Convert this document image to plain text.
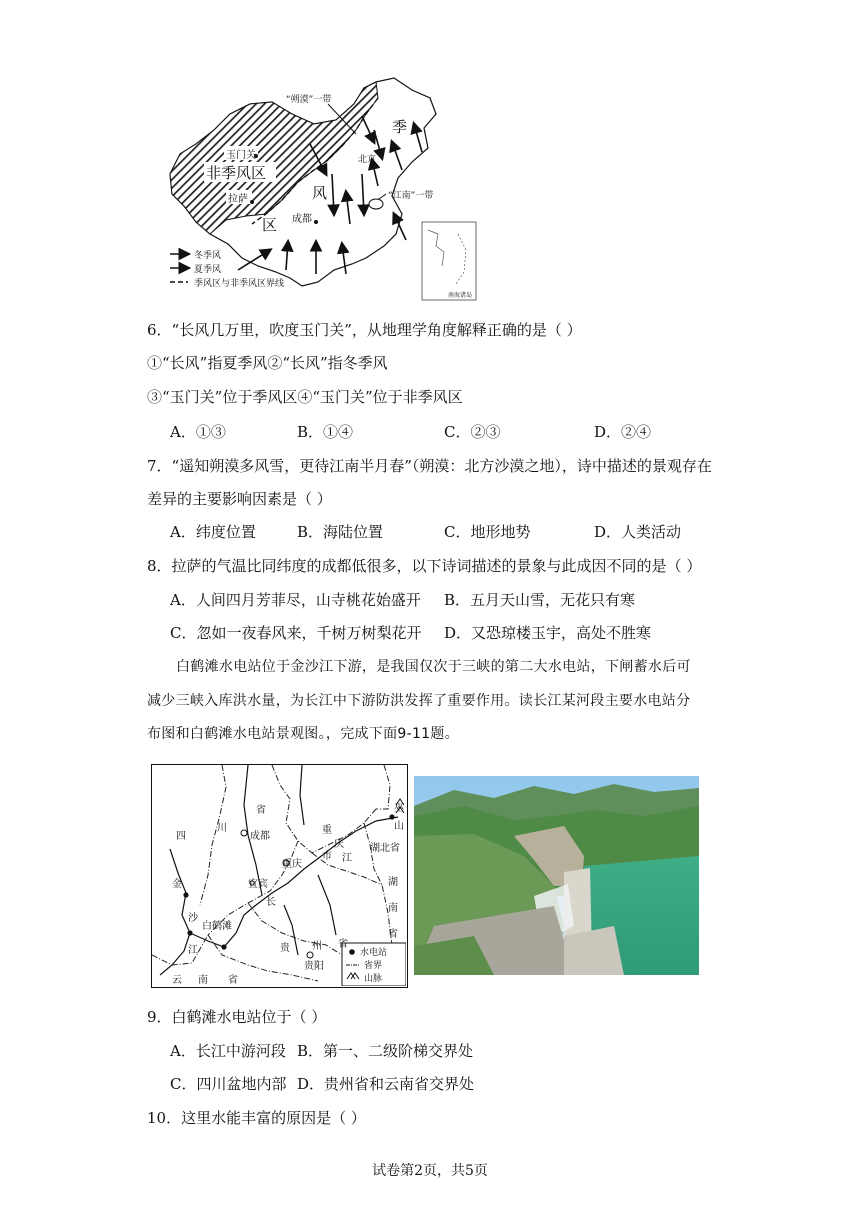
玉门关
非季风区
拉萨
“朔漠”一带
北京
“江南”一带
成都
季
风
区
南海诸岛
冬季风
夏季风
季风区与非季风区界线
6．“长风几万里，吹度玉门关”，从地理学角度解释正确的是（ ）
①“长风”指夏季风②“长风”指冬季风
③“玉门关”位于季风区④“玉门关”位于非季风区
A．①③	B．①④	C．②③	D．②④
7．“遥知朔漠多风雪，更待江南半月春”（朔漠：北方沙漠之地），诗中描述的景观存在
差异的主要影响因素是（ ）
A．纬度位置	B．海陆位置	C．地形地势	D．人类活动
8．拉萨的气温比同纬度的成都低很多，以下诗词描述的景象与此成因不同的是（ ）
A．人间四月芳菲尽，山寺桃花始盛开 B．五月天山雪，无花只有寒
C．忽如一夜春风来，千树万树梨花开 D．又恐琼楼玉宇，高处不胜寒
白鹤滩水电站位于金沙江下游，是我国仅次于三峡的第二大水电站，下闸蓄水后可
减少三峡入库洪水量，为长江中下游防洪发挥了重要作用。读长江某河段主要水电站分
布图和白鹤滩水电站景观图。，完成下面9-11题。
四
川
省
成都
重
庆
市 江
重庆
巫
山
湖北省
湖
南
省
宜宾
长
金
沙
江
白鹤滩
贵 州 省
贵阳
云 南 省
水电站
省界
山脉
9．白鹤滩水电站位于（ ）
A．长江中游河段 B．第一、二级阶梯交界处
C．四川盆地内部 D．贵州省和云南省交界处
10．这里水能丰富的原因是（ ）
试卷第2页，共5页
